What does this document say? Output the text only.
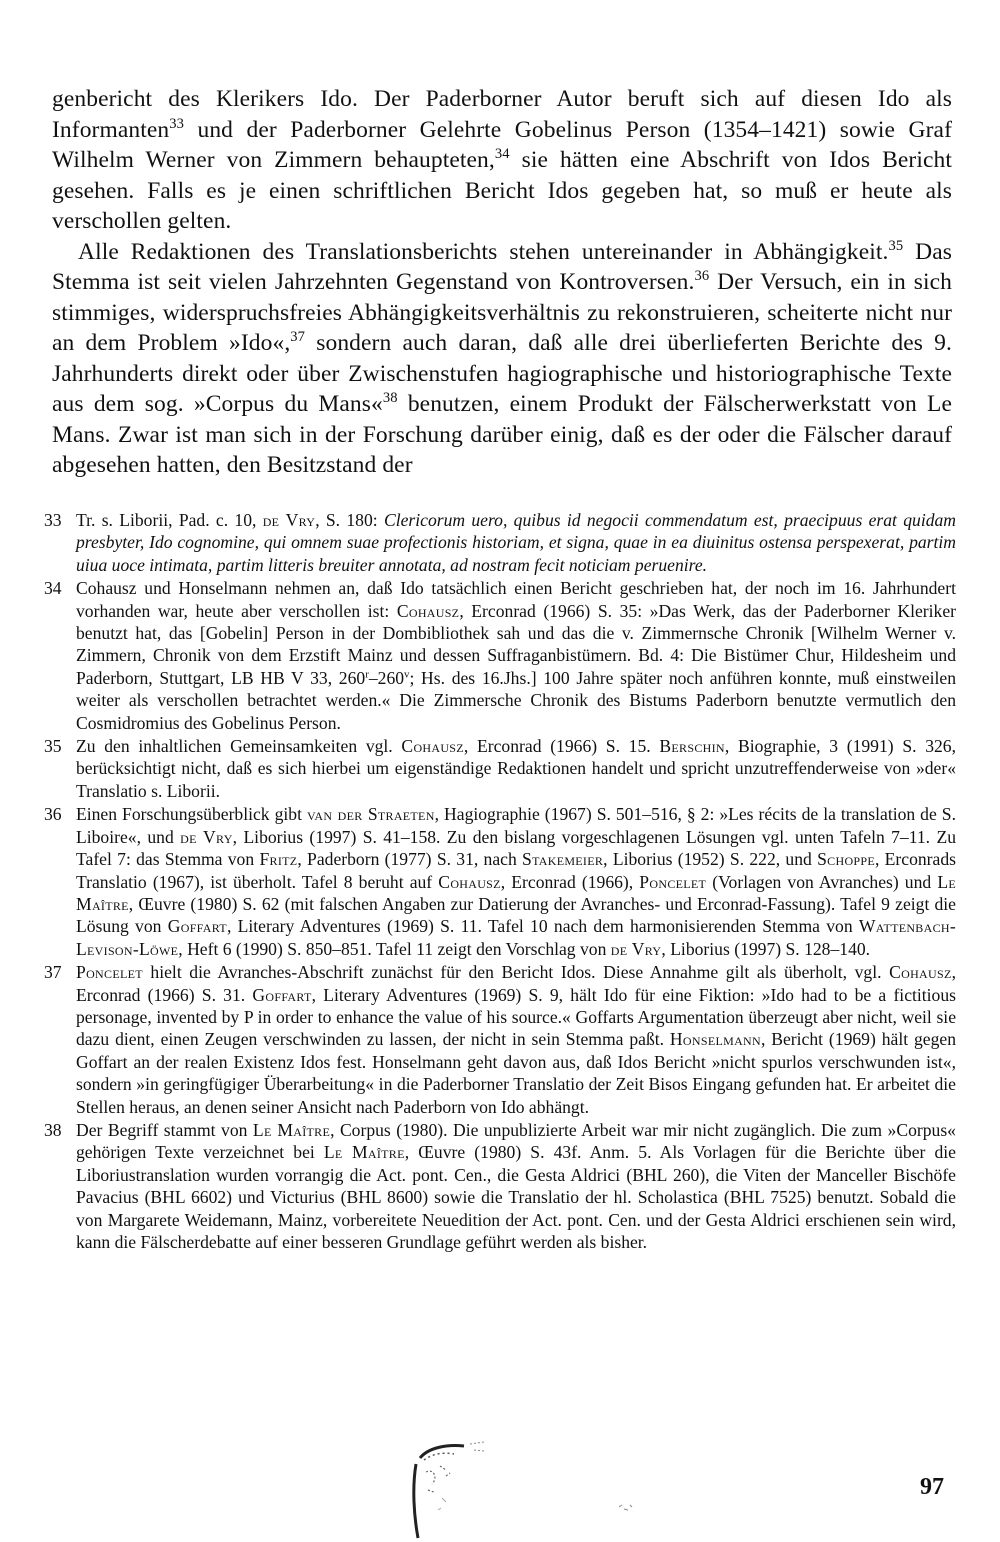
genbericht des Klerikers Ido. Der Paderborner Autor beruft sich auf diesen Ido als Informanten$^{33}$ und der Paderborner Gelehrte Gobelinus Person (1354–1421) sowie Graf Wilhelm Werner von Zimmern behaupteten,$^{34}$ sie hätten eine Abschrift von Idos Bericht gesehen. Falls es je einen schriftlichen Bericht Idos gegeben hat, so muß er heute als verschollen gelten.

Alle Redaktionen des Translationsberichts stehen untereinander in Abhängigkeit.$^{35}$ Das Stemma ist seit vielen Jahrzehnten Gegenstand von Kontroversen.$^{36}$ Der Versuch, ein in sich stimmiges, widerspruchsfreies Abhängigkeitsverhältnis zu rekonstruieren, scheiterte nicht nur an dem Problem »Ido«,$^{37}$ sondern auch daran, daß alle drei überlieferten Berichte des 9. Jahrhunderts direkt oder über Zwischenstufen hagiographische und historiographische Texte aus dem sog. »Corpus du Mans«$^{38}$ benutzen, einem Produkt der Fälscherwerkstatt von Le Mans. Zwar ist man sich in der Forschung darüber einig, daß es der oder die Fälscher darauf abgesehen hatten, den Besitzstand der

33 Tr. s. Liborii, Pad. c. 10, de Vry, S. 180: Clericorum uero, quibus id negocii commendatum est, praecipuus erat quidam presbyter, Ido cognomine, qui omnem suae profectionis historiam, et signa, quae in ea diuinitus ostensa perspexerat, partim uiua uoce intimata, partim litteris breuiter annotata, ad nostram fecit noticiam peruenire.
34 Cohausz und Honselmann nehmen an, daß Ido tatsächlich einen Bericht geschrieben hat, der noch im 16. Jahrhundert vorhanden war, heute aber verschollen ist: Cohausz, Erconrad (1966) S. 35: »Das Werk, das der Paderborner Kleriker benutzt hat, das [Gobelin] Person in der Dombibliothek sah und das die v. Zimmernsche Chronik [Wilhelm Werner v. Zimmern, Chronik von dem Erzstift Mainz und dessen Suffraganbistümern. Bd. 4: Die Bistümer Chur, Hildesheim und Paderborn, Stuttgart, LB HB V 33, 260$^r$–260$^v$; Hs. des 16.Jhs.] 100 Jahre später noch anführen konnte, muß einstweilen weiter als verschollen betrachtet werden.« Die Zimmersche Chronik des Bistums Paderborn benutzte vermutlich den Cosmidromius des Gobelinus Person.
35 Zu den inhaltlichen Gemeinsamkeiten vgl. Cohausz, Erconrad (1966) S. 15. Berschin, Biographie, 3 (1991) S. 326, berücksichtigt nicht, daß es sich hierbei um eigenständige Redaktionen handelt und spricht unzutreffenderweise von »der« Translatio s. Liborii.
36 Einen Forschungsüberblick gibt van der Straeten, Hagiographie (1967) S. 501–516, § 2: »Les récits de la translation de S. Liboire«, und de Vry, Liborius (1997) S. 41–158. Zu den bislang vorgeschlagenen Lösungen vgl. unten Tafeln 7–11. Zu Tafel 7: das Stemma von Fritz, Paderborn (1977) S. 31, nach Stakemeier, Liborius (1952) S. 222, und Schoppe, Erconrads Translatio (1967), ist überholt. Tafel 8 beruht auf Cohausz, Erconrad (1966), Poncelet (Vorlagen von Avranches) und Le Maître, Œuvre (1980) S. 62 (mit falschen Angaben zur Datierung der Avranches- und Erconrad-Fassung). Tafel 9 zeigt die Lösung von Goffart, Literary Adventures (1969) S. 11. Tafel 10 nach dem harmonisierenden Stemma von Wattenbach-Levison-Löwe, Heft 6 (1990) S. 850–851. Tafel 11 zeigt den Vorschlag von de Vry, Liborius (1997) S. 128–140.
37 Poncelet hielt die Avranches-Abschrift zunächst für den Bericht Idos. Diese Annahme gilt als überholt, vgl. Cohausz, Erconrad (1966) S. 31. Goffart, Literary Adventures (1969) S. 9, hält Ido für eine Fiktion: »Ido had to be a fictitious personage, invented by P in order to enhance the value of his source.« Goffarts Argumentation überzeugt aber nicht, weil sie dazu dient, einen Zeugen verschwinden zu lassen, der nicht in sein Stemma paßt. Honselmann, Bericht (1969) hält gegen Goffart an der realen Existenz Idos fest. Honselmann geht davon aus, daß Idos Bericht »nicht spurlos verschwunden ist«, sondern »in geringfügiger Überarbeitung« in die Paderborner Translatio der Zeit Bisos Eingang gefunden hat. Er arbeitet die Stellen heraus, an denen seiner Ansicht nach Paderborn von Ido abhängt.
38 Der Begriff stammt von Le Maître, Corpus (1980). Die unpublizierte Arbeit war mir nicht zugänglich. Die zum »Corpus« gehörigen Texte verzeichnet bei Le Maître, Œuvre (1980) S. 43f. Anm. 5. Als Vorlagen für die Berichte über die Liboriustranslation wurden vorrangig die Act. pont. Cen., die Gesta Aldrici (BHL 260), die Viten der Manceller Bischöfe Pavacius (BHL 6602) und Victurius (BHL 8600) sowie die Translatio der hl. Scholastica (BHL 7525) benutzt. Sobald die von Margarete Weidemann, Mainz, vorbereitete Neuedition der Act. pont. Cen. und der Gesta Aldrici erschienen sein wird, kann die Fälscherdebatte auf einer besseren Grundlage geführt werden als bisher.
97
